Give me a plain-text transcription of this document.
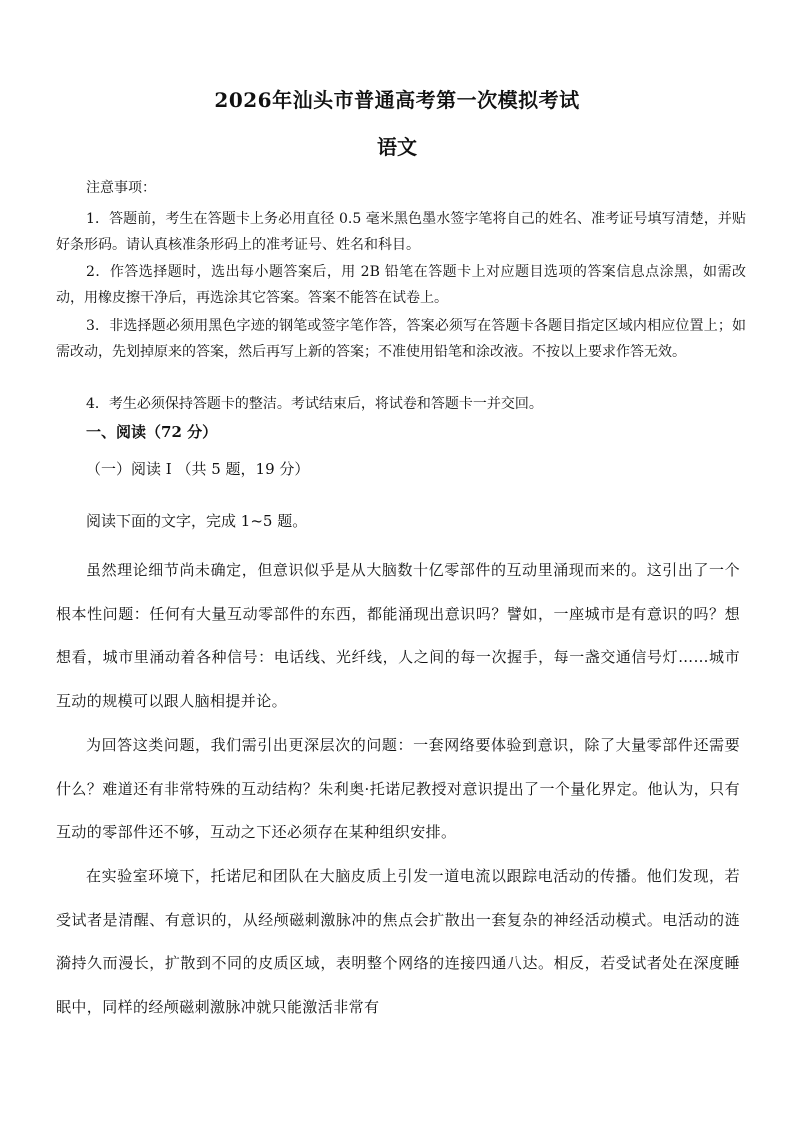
2026年汕头市普通高考第一次模拟考试
语文
注意事项：

1．答题前，考生在答题卡上务必用直径 0.5 毫米黑色墨水签字笔将自己的姓名、准考证号填写清楚，并贴好条形码。请认真核准条形码上的准考证号、姓名和科目。

2．作答选择题时，选出每小题答案后，用 2B 铅笔在答题卡上对应题目选项的答案信息点涂黑，如需改动，用橡皮擦干净后，再选涂其它答案。答案不能答在试卷上。

3．非选择题必须用黑色字迹的钢笔或签字笔作答，答案必须写在答题卡各题目指定区域内相应位置上；如需改动，先划掉原来的答案，然后再写上新的答案；不准使用铅笔和涂改液。不按以上要求作答无效。

4．考生必须保持答题卡的整洁。考试结束后，将试卷和答题卡一并交回。

一、阅读（72 分）
（一）阅读 I （共 5 题，19 分）
阅读下面的文字，完成 1~5 题。

虽然理论细节尚未确定，但意识似乎是从大脑数十亿零部件的互动里涌现而来的。这引出了一个根本性问题：任何有大量互动零部件的东西，都能涌现出意识吗？譬如，一座城市是有意识的吗？想想看，城市里涌动着各种信号：电话线、光纤线，人之间的每一次握手，每一盏交通信号灯……城市互动的规模可以跟人脑相提并论。

为回答这类问题，我们需引出更深层次的问题：一套网络要体验到意识，除了大量零部件还需要什么？难道还有非常特殊的互动结构？朱利奥·托诺尼教授对意识提出了一个量化界定。他认为，只有互动的零部件还不够，互动之下还必须存在某种组织安排。

在实验室环境下，托诺尼和团队在大脑皮质上引发一道电流以跟踪电活动的传播。他们发现，若受试者是清醒、有意识的，从经颅磁刺激脉冲的焦点会扩散出一套复杂的神经活动模式。电活动的涟漪持久而漫长，扩散到不同的皮质区域，表明整个网络的连接四通八达。相反，若受试者处在深度睡眠中，同样的经颅磁刺激脉冲就只能激活非常有
